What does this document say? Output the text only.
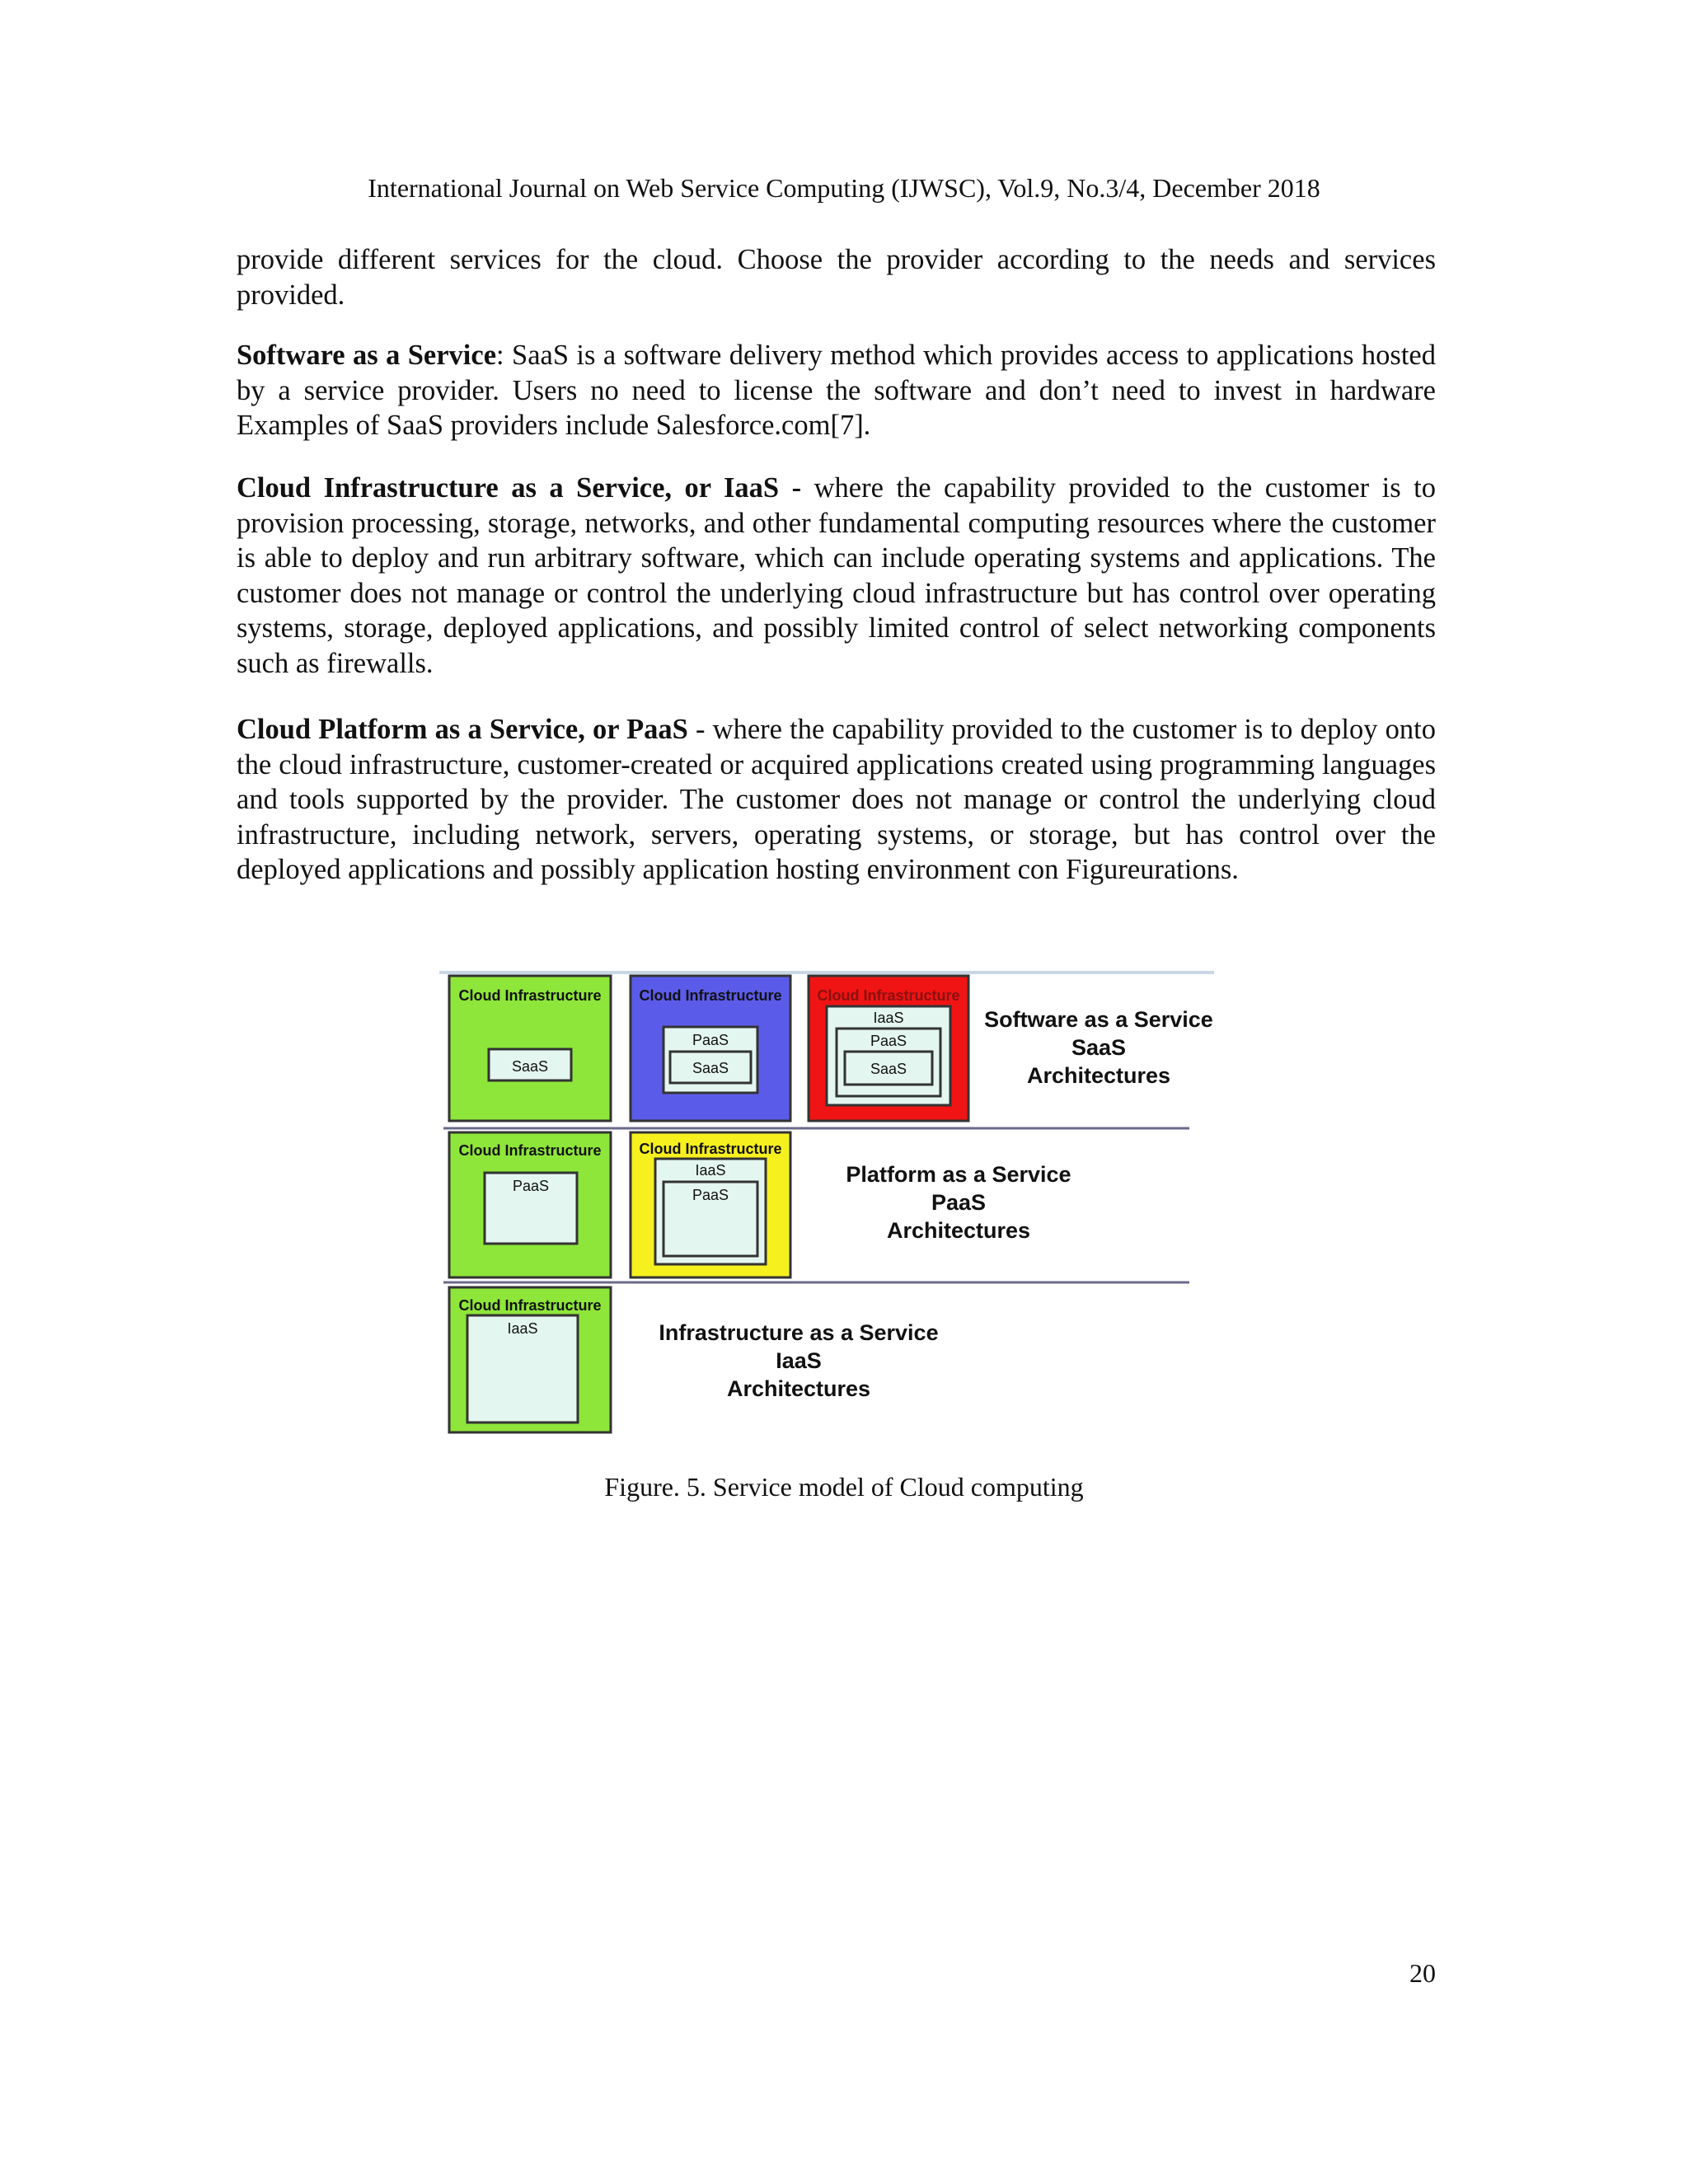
International Journal on Web Service Computing (IJWSC), Vol.9, No.3/4, December 2018

provide different services for the cloud. Choose the provider according to the needs and services provided.

Software as a Service: SaaS is a software delivery method which provides access to applications hosted by a service provider. Users no need to license the software and don’t need to invest in hardware Examples of SaaS providers include Salesforce.com[7].

Cloud Infrastructure as a Service, or IaaS - where the capability provided to the customer is to provision processing, storage, networks, and other fundamental computing resources where the customer is able to deploy and run arbitrary software, which can include operating systems and applications. The customer does not manage or control the underlying cloud infrastructure but has control over operating systems, storage, deployed applications, and possibly limited control of select networking components such as firewalls.

Cloud Platform as a Service, or PaaS - where the capability provided to the customer is to deploy onto the cloud infrastructure, customer-created or acquired applications created using programming languages and tools supported by the provider. The customer does not manage or control the underlying cloud infrastructure, including network, servers, operating systems, or storage, but has control over the deployed applications and possibly application hosting environment con Figureurations.

Cloud Infrastructure
SaaS
Cloud Infrastructure
PaaS
SaaS
Cloud Infrastructure
IaaS
PaaS
SaaS
Software as a Service
SaaS
Architectures
Cloud Infrastructure
PaaS
Cloud Infrastructure
IaaS
PaaS
Platform as a Service
PaaS
Architectures
Cloud Infrastructure
IaaS	Infrastructure as a Service
IaaS
Architectures
Figure. 5. Service model of Cloud computing
20
